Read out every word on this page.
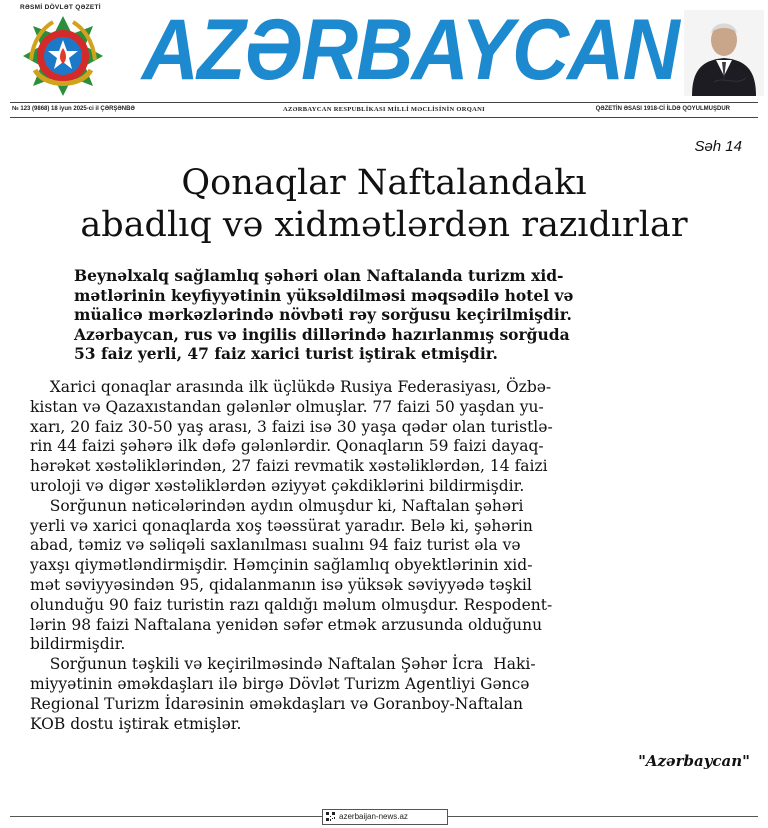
RƏSMİ DÖVLƏT QƏZETİ AZƏRBAYCAN
№ 123 (9868) 18 iyun 2025-ci il ÇƏRŞƏNBƏ	AZƏRBAYCAN RESPUBLİKASI MİLLİ MƏCLİSİNİN ORQANI	QƏZETİN ƏSASI 1918-Cİ İLDƏ QOYULMUŞDUR
Səh 14
Qonaqlar Naftalandakı
abadlıq və xidmətlərdən razıdırlar
Beynəlxalq sağlamlıq şəhəri olan Naftalanda turizm xid-
mətlərinin keyfiyyətinin yüksəldilməsi məqsədilə hotel və
müalicə mərkəzlərində növbəti rəy sorğusu keçirilmişdir.
Azərbaycan, rus və ingilis dillərində hazırlanmış sorğuda
53 faiz yerli, 47 faiz xarici turist iştirak etmişdir.
Xarici qonaqlar arasında ilk üçlükdə Rusiya Federasiyası, Özbə-
kistan və Qazaxıstandan gələnlər olmuşlar. 77 faizi 50 yaşdan yu-
xarı, 20 faiz 30-50 yaş arası, 3 faizi isə 30 yaşa qədər olan turistlə-
rin 44 faizi şəhərə ilk dəfə gələnlərdir. Qonaqların 59 faizi dayaq-
hərəkət xəstəliklərindən, 27 faizi revmatik xəstəliklərdən, 14 faizi
uroloji və digər xəstəliklərdən əziyyət çəkdiklərini bildirmişdir.
Sorğunun nəticələrindən aydın olmuşdur ki, Naftalan şəhəri
yerli və xarici qonaqlarda xoş təəssürat yaradır. Belə ki, şəhərin
abad, təmiz və səliqəli saxlanılması sualını 94 faiz turist əla və
yaxşı qiymətləndirmişdir. Həmçinin sağlamlıq obyektlərinin xid-
mət səviyyəsindən 95, qidalanmanın isə yüksək səviyyədə təşkil
olunduğu 90 faiz turistin razı qaldığı məlum olmuşdur. Respodent-
lərin 98 faizi Naftalana yenidən səfər etmək arzusunda olduğunu
bildirmişdir.
Sorğunun təşkili və keçirilməsində Naftalan Şəhər İcra  Haki-
miyyətinin əməkdaşları ilə birgə Dövlət Turizm Agentliyi Gəncə
Regional Turizm İdarəsinin əməkdaşları və Goranboy-Naftalan
KOB dostu iştirak etmişlər.
"Azərbaycan"
azerbaijan-news.az
